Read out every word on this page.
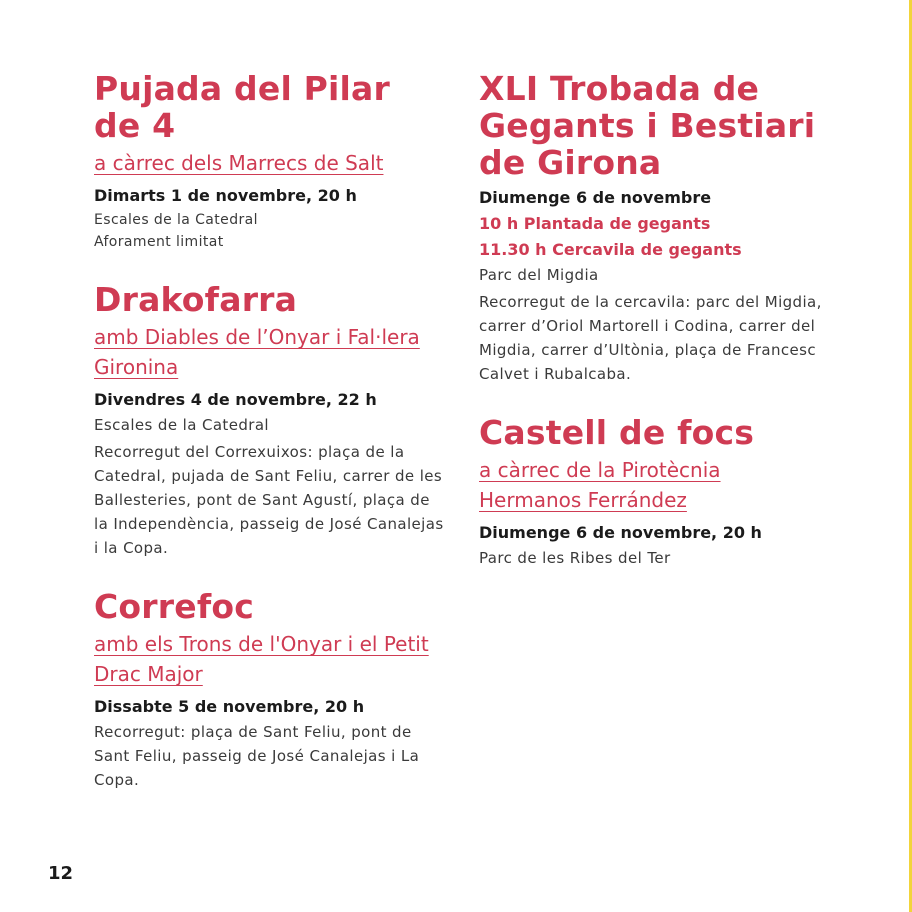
Pujada del Pilar de 4

a càrrec dels Marrecs de Salt

Dimarts 1 de novembre, 20 h

Escales de la Catedral

Aforament limitat

Drakofarra

amb Diables de l’Onyar i Fal·lera Gironina

Divendres 4 de novembre, 22 h

Escales de la Catedral

Recorregut del Correxuixos: plaça de la Catedral, pujada de Sant Feliu, carrer de les Ballesteries, pont de Sant Agustí, plaça de la Independència, passeig de José Canalejas i la Copa.

Correfoc

amb els Trons de l'Onyar i el Petit Drac Major

Dissabte 5 de novembre, 20 h

Recorregut: plaça de Sant Feliu, pont de Sant Feliu, passeig de José Canalejas i La Copa.

XLI Trobada de Gegants i Bestiari de Girona

Diumenge 6 de novembre

10 h Plantada de gegants

11.30 h Cercavila de gegants

Parc del Migdia

Recorregut de la cercavila: parc del Migdia, carrer d’Oriol Martorell i Codina, carrer del Migdia, carrer d’Ultònia, plaça de Francesc Calvet i Rubalcaba.

Castell de focs

a càrrec de la Pirotècnia Hermanos Ferrández

Diumenge 6 de novembre, 20 h

Parc de les Ribes del Ter

12
